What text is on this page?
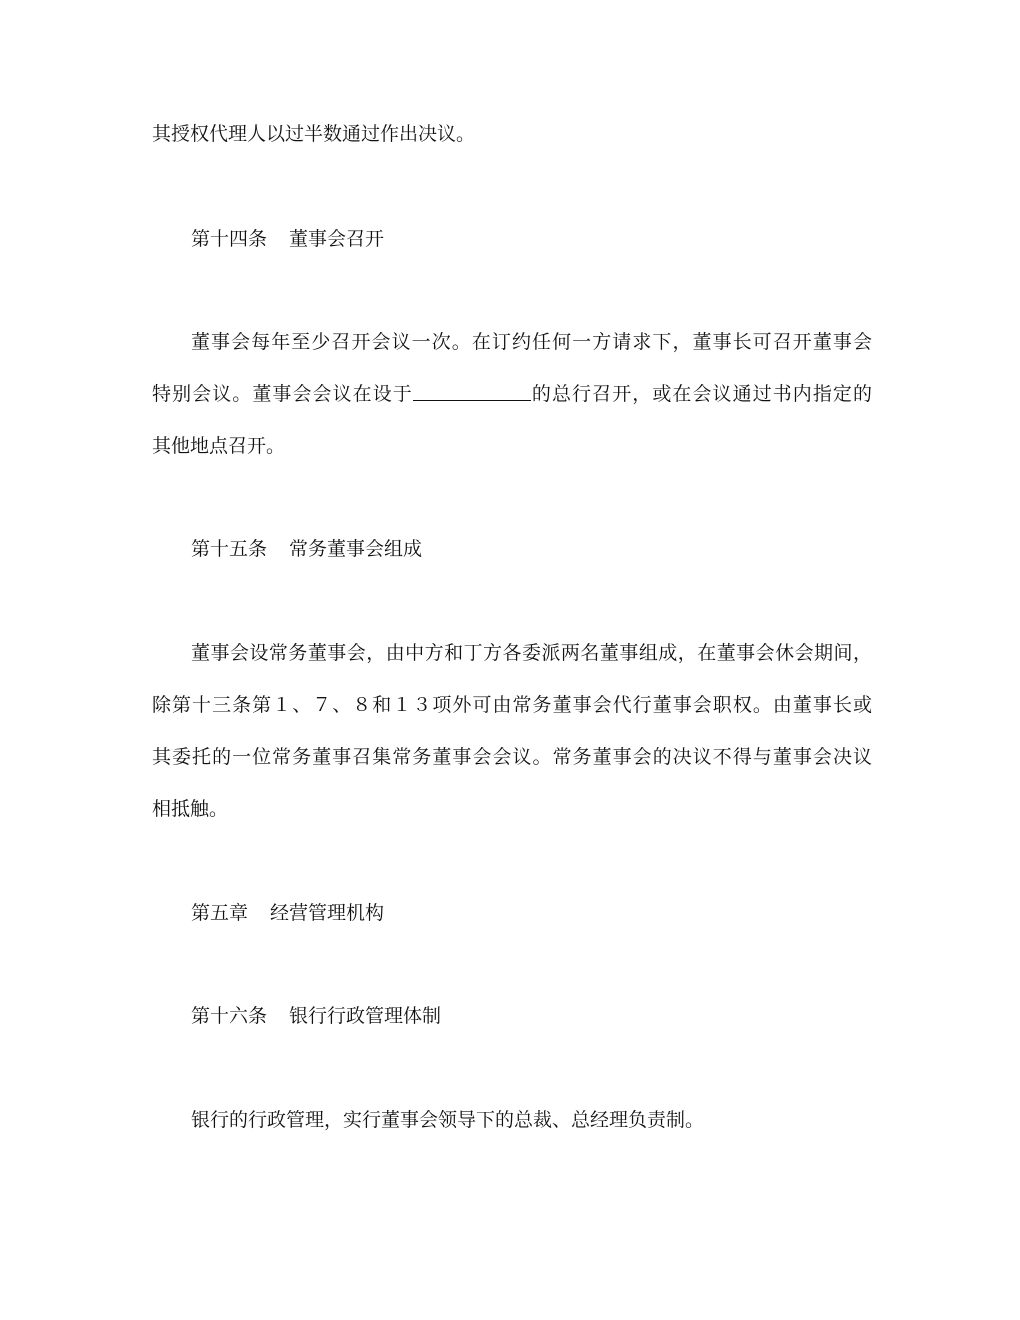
其授权代理人以过半数通过作出决议。
第十四条 董事会召开
董事会每年至少召开会议一次。在订约任何一方请求下，董事长可召开董事会
特别会议。董事会会议在设于	的总行召开，或在会议通过书内指定的
其他地点召开。
第十五条 常务董事会组成
董事会设常务董事会，由中方和丁方各委派两名董事组成，在董事会休会期间，
除第十三条第１、７、８和１３项外可由常务董事会代行董事会职权。由董事长或
其委托的一位常务董事召集常务董事会会议。常务董事会的决议不得与董事会决议
相抵触。
第五章 经营管理机构
第十六条 银行行政管理体制
银行的行政管理，实行董事会领导下的总裁、总经理负责制。
